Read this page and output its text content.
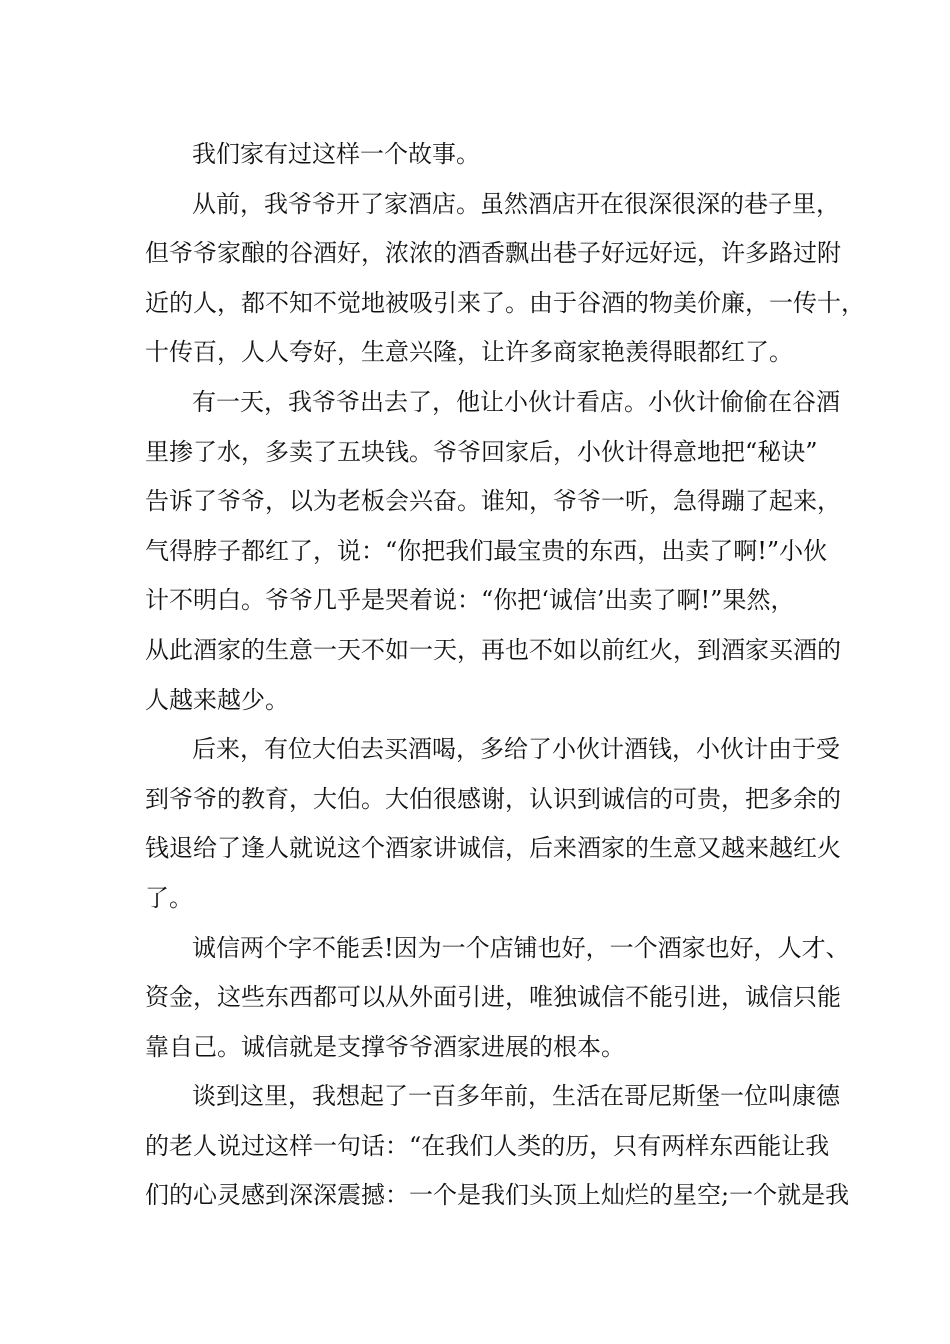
我们家有过这样一个故事。

从前，我爷爷开了家酒店。虽然酒店开在很深很深的巷子里，
但爷爷家酿的谷酒好，浓浓的酒香飘出巷子好远好远，许多路过附
近的人，都不知不觉地被吸引来了。由于谷酒的物美价廉，一传十，
十传百，人人夸好，生意兴隆，让许多商家艳羡得眼都红了。

有一天，我爷爷出去了，他让小伙计看店。小伙计偷偷在谷酒
里掺了水，多卖了五块钱。爷爷回家后，小伙计得意地把“秘诀”
告诉了爷爷，以为老板会兴奋。谁知，爷爷一听，急得蹦了起来，
气得脖子都红了，说：“你把我们最宝贵的东西，出卖了啊!”小伙
计不明白。爷爷几乎是哭着说：“你把‘诚信’出卖了啊!”果然，
从此酒家的生意一天不如一天，再也不如以前红火，到酒家买酒的
人越来越少。

后来，有位大伯去买酒喝，多给了小伙计酒钱，小伙计由于受
到爷爷的教育，大伯。大伯很感谢，认识到诚信的可贵，把多余的
钱退给了逢人就说这个酒家讲诚信，后来酒家的生意又越来越红火
了。

诚信两个字不能丢!因为一个店铺也好，一个酒家也好，人才、
资金，这些东西都可以从外面引进，唯独诚信不能引进，诚信只能
靠自己。诚信就是支撑爷爷酒家进展的根本。

谈到这里，我想起了一百多年前，生活在哥尼斯堡一位叫康德
的老人说过这样一句话：“在我们人类的历，只有两样东西能让我
们的心灵感到深深震撼：一个是我们头顶上灿烂的星空;一个就是我
